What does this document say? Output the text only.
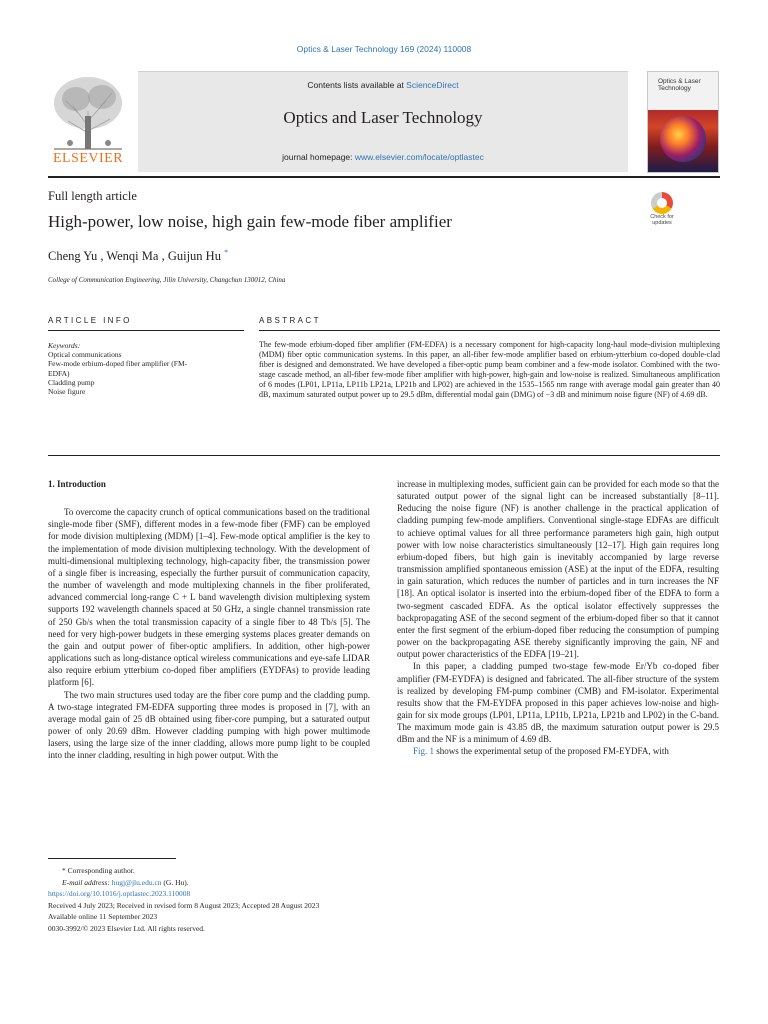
Optics & Laser Technology 169 (2024) 110008
ELSEVIER
Contents lists available at ScienceDirect
Optics and Laser Technology
journal homepage: www.elsevier.com/locate/optlastec
Optics & Laser Technology
Full length article
High-power, low noise, high gain few-mode fiber amplifier	Check for updates
Cheng Yu , Wenqi Ma , Guijun Hu *
College of Communication Engineering, Jilin University, Changchun 130012, China
ARTICLE INFO	ABSTRACT
Keywords:
Optical communications
Few-mode erbium-doped fiber amplifier (FM-
EDFA)
Cladding pump
Noise figure

The few-mode erbium-doped fiber amplifier (FM-EDFA) is a necessary component for high-capacity long-haul mode-division multiplexing (MDM) fiber optic communication systems. In this paper, an all-fiber few-mode amplifier based on erbium-ytterbium co-doped double-clad fiber is designed and demonstrated. We have developed a fiber-optic pump beam combiner and a few-mode isolator. Combined with the two-stage cascade method, an all-fiber few-mode fiber amplifier with high-power, high-gain and low-noise is realized. Simultaneous amplification of 6 modes (LP01, LP11a, LP11b LP21a, LP21b and LP02) are achieved in the 1535–1565 nm range with average modal gain greater than 40 dB, maximum saturated output power up to 29.5 dBm, differential modal gain (DMG) of −3 dB and minimum noise figure (NF) of 4.69 dB.

1. Introduction

To overcome the capacity crunch of optical communications based on the traditional single-mode fiber (SMF), different modes in a few-mode fiber (FMF) can be employed for mode division multiplexing (MDM) [1–4]. Few-mode optical amplifier is the key to the implementation of mode division multiplexing technology. With the development of multi-dimensional multiplexing technology, high-capacity fiber, the transmission power of a single fiber is increasing, especially the further pursuit of communication capacity, the number of wavelength and mode multiplexing channels in the fiber proliferated, advanced commercial long-range C + L band wavelength division multiplexing system supports 192 wavelength channels spaced at 50 GHz, a single channel transmission rate of 250 Gb/s when the total transmission capacity of a single fiber to 48 Tb/s [5]. The need for very high-power budgets in these emerging systems places greater demands on the gain and output power of fiber-optic amplifiers. In addition, other high-power applications such as long-distance optical wireless communications and eye-safe LIDAR also require erbium ytterbium co-doped fiber amplifiers (EYDFAs) to provide leading platform [6].

The two main structures used today are the fiber core pump and the cladding pump. A two-stage integrated FM-EDFA supporting three modes is proposed in [7], with an average modal gain of 25 dB obtained using fiber-core pumping, but a saturated output power of only 20.69 dBm. However cladding pumping with high power multimode lasers, using the large size of the inner cladding, allows more pump light to be coupled into the inner cladding, resulting in high power output. With the

increase in multiplexing modes, sufficient gain can be provided for each mode so that the saturated output power of the signal light can be increased substantially [8–11]. Reducing the noise figure (NF) is another challenge in the practical application of cladding pumping few-mode amplifiers. Conventional single-stage EDFAs are difficult to achieve optimal values for all three performance parameters high gain, high output power with low noise characteristics simultaneously [12–17]. High gain requires long erbium-doped fibers, but high gain is inevitably accompanied by large reverse transmission amplified spontaneous emission (ASE) at the input of the EDFA, resulting in gain saturation, which reduces the number of particles and in turn increases the NF [18]. An optical isolator is inserted into the erbium-doped fiber of the EDFA to form a two-segment cascaded EDFA. As the optical isolator effectively suppresses the backpropagating ASE of the second segment of the erbium-doped fiber so that it cannot enter the first segment of the erbium-doped fiber reducing the consumption of pumping power on the backpropagating ASE thereby significantly improving the gain, NF and output power characteristics of the EDFA [19–21].

In this paper, a cladding pumped two-stage few-mode Er/Yb co-doped fiber amplifier (FM-EYDFA) is designed and fabricated. The all-fiber structure of the system is realized by developing FM-pump combiner (CMB) and FM-isolator. Experimental results show that the FM-EYDFA proposed in this paper achieves low-noise and high-gain for six mode groups (LP01, LP11a, LP11b, LP21a, LP21b and LP02) in the C-band. The maximum mode gain is 43.85 dB, the maximum saturation output power is 29.5 dBm and the NF is a minimum of 4.69 dB.

Fig. 1 shows the experimental setup of the proposed FM-EYDFA, with

* Corresponding author.
E-mail address: hugj@jlu.edu.cn (G. Hu).
https://doi.org/10.1016/j.optlastec.2023.110008
Received 4 July 2023; Received in revised form 8 August 2023; Accepted 28 August 2023
Available online 11 September 2023
0030-3992/© 2023 Elsevier Ltd. All rights reserved.
